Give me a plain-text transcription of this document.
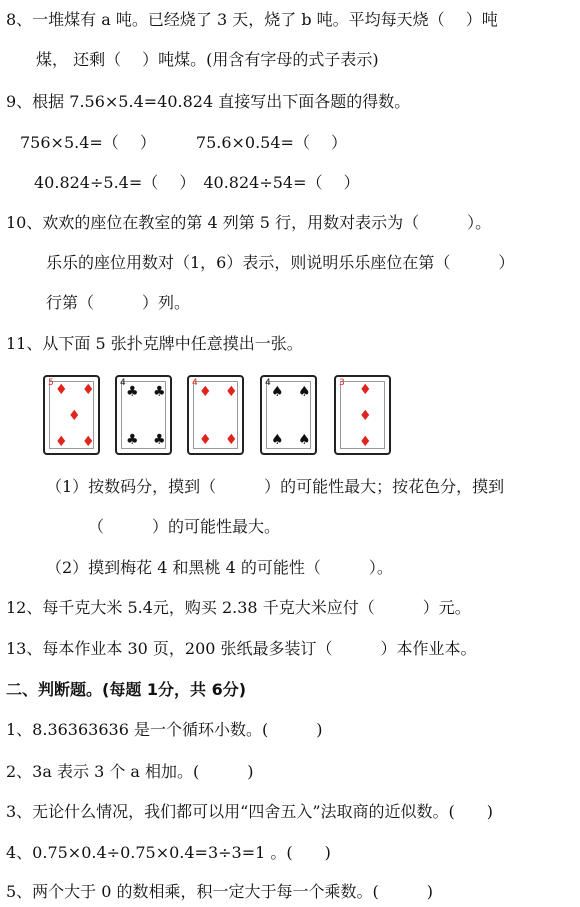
8、一堆煤有 a 吨。已经烧了 3 天，烧了 b 吨。平均每天烧（　 ）吨
煤， 还剩（　 ）吨煤。(用含有字母的式子表示)
9、根据 7.56×5.4=40.824 直接写出下面各题的得数。
756×5.4=（　 ）　　　75.6×0.54=（　 ）
40.824÷5.4=（　 ）　40.824÷54=（　 ）
10、欢欢的座位在教室的第 4 列第 5 行，用数对表示为（　　　）。
乐乐的座位用数对（1，6）表示，则说明乐乐座位在第（　　　）
行第（　　　）列。
11、从下面 5 张扑克牌中任意摸出一张。
5 ♦ ♦
♦
♦ ♦
4
♣ ♣
♣ ♣
4
♦ ♦
♦ ♦
4
♠ ♠
♠ ♠
3 ♦
♦
♦
（1）按数码分，摸到（　　　）的可能性最大；按花色分，摸到
（　　　）的可能性最大。
（2）摸到梅花 4 和黑桃 4 的可能性（　　　）。
12、每千克大米 5.4元，购买 2.38 千克大米应付（　　　）元。
13、每本作业本 30 页，200 张纸最多装订（　　　）本作业本。
二、判断题。(每题 1分，共 6分)
1、8.36363636 是一个循环小数。(　　　)
2、3a 表示 3 个 a 相加。(　　　)
3、无论什么情况，我们都可以用“四舍五入”法取商的近似数。(　　)
4、0.75×0.4÷0.75×0.4=3÷3=1 。(　　)
5、两个大于 0 的数相乘，积一定大于每一个乘数。(　　　)
